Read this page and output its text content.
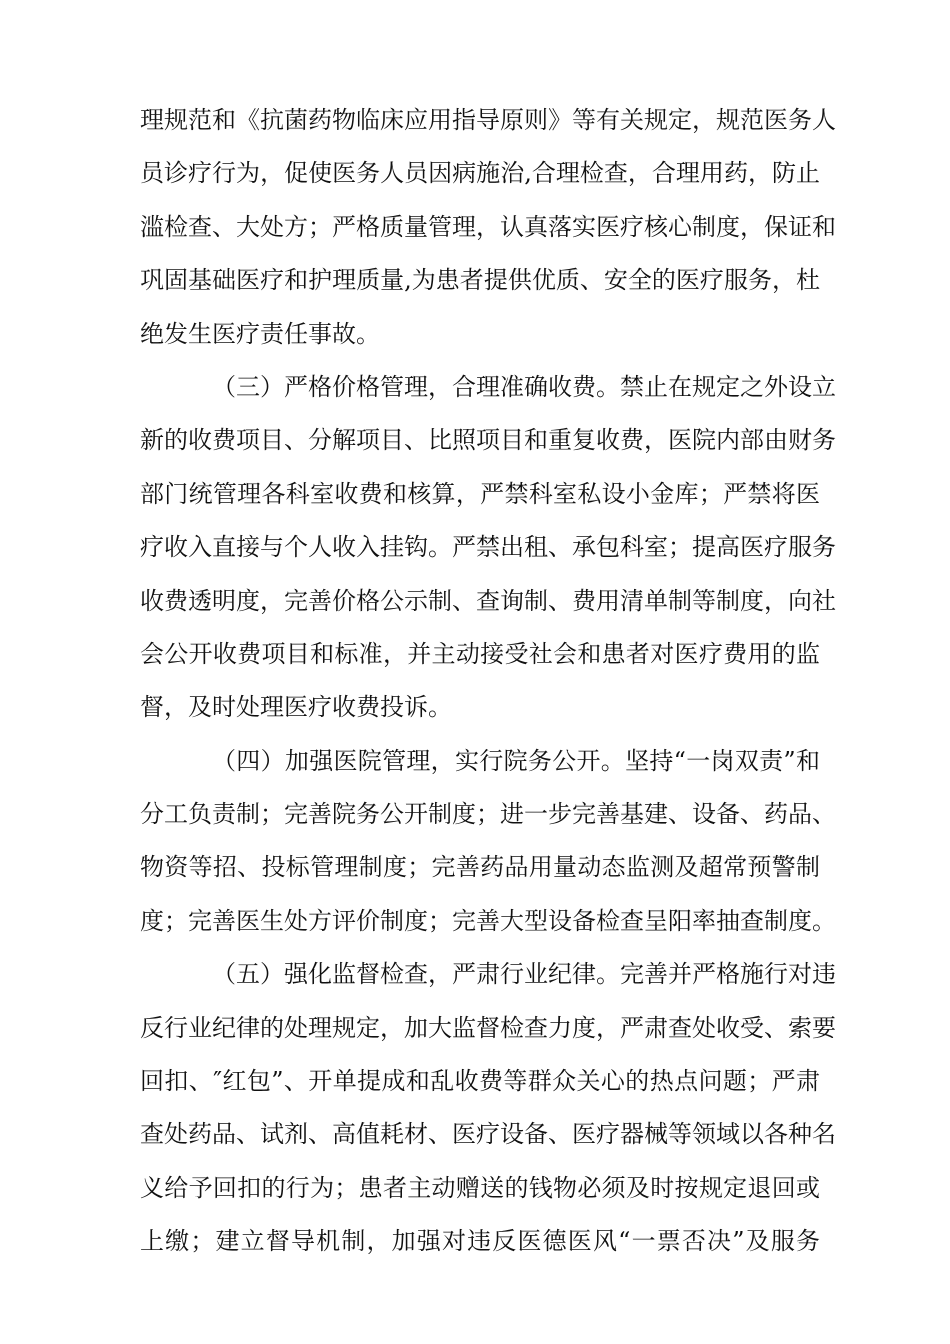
理规范和《抗菌药物临床应用指导原则》等有关规定，规范医务人
员诊疗行为，促使医务人员因病施治,合理检查，合理用药，防止
滥检查、大处方；严格质量管理，认真落实医疗核心制度，保证和
巩固基础医疗和护理质量,为患者提供优质、安全的医疗服务，杜
绝发生医疗责任事故。
（三）严格价格管理，合理准确收费。禁止在规定之外设立
新的收费项目、分解项目、比照项目和重复收费，医院内部由财务
部门统管理各科室收费和核算，严禁科室私设小金库；严禁将医
疗收入直接与个人收入挂钩。严禁出租、承包科室；提高医疗服务
收费透明度，完善价格公示制、查询制、费用清单制等制度，向社
会公开收费项目和标准，并主动接受社会和患者对医疗费用的监
督，及时处理医疗收费投诉。
（四）加强医院管理，实行院务公开。坚持“一岗双责”和
分工负责制；完善院务公开制度；进一步完善基建、设备、药品、
物资等招、投标管理制度；完善药品用量动态监测及超常预警制
度；完善医生处方评价制度；完善大型设备检查呈阳率抽查制度。
（五）强化监督检查，严肃行业纪律。完善并严格施行对违
反行业纪律的处理规定，加大监督检查力度，严肃查处收受、索要
回扣、″红包”、开单提成和乱收费等群众关心的热点问题；严肃
查处药品、试剂、高值耗材、医疗设备、医疗器械等领域以各种名
义给予回扣的行为；患者主动赠送的钱物必须及时按规定退回或
上缴；建立督导机制，加强对违反医德医风“一票否决”及服务
